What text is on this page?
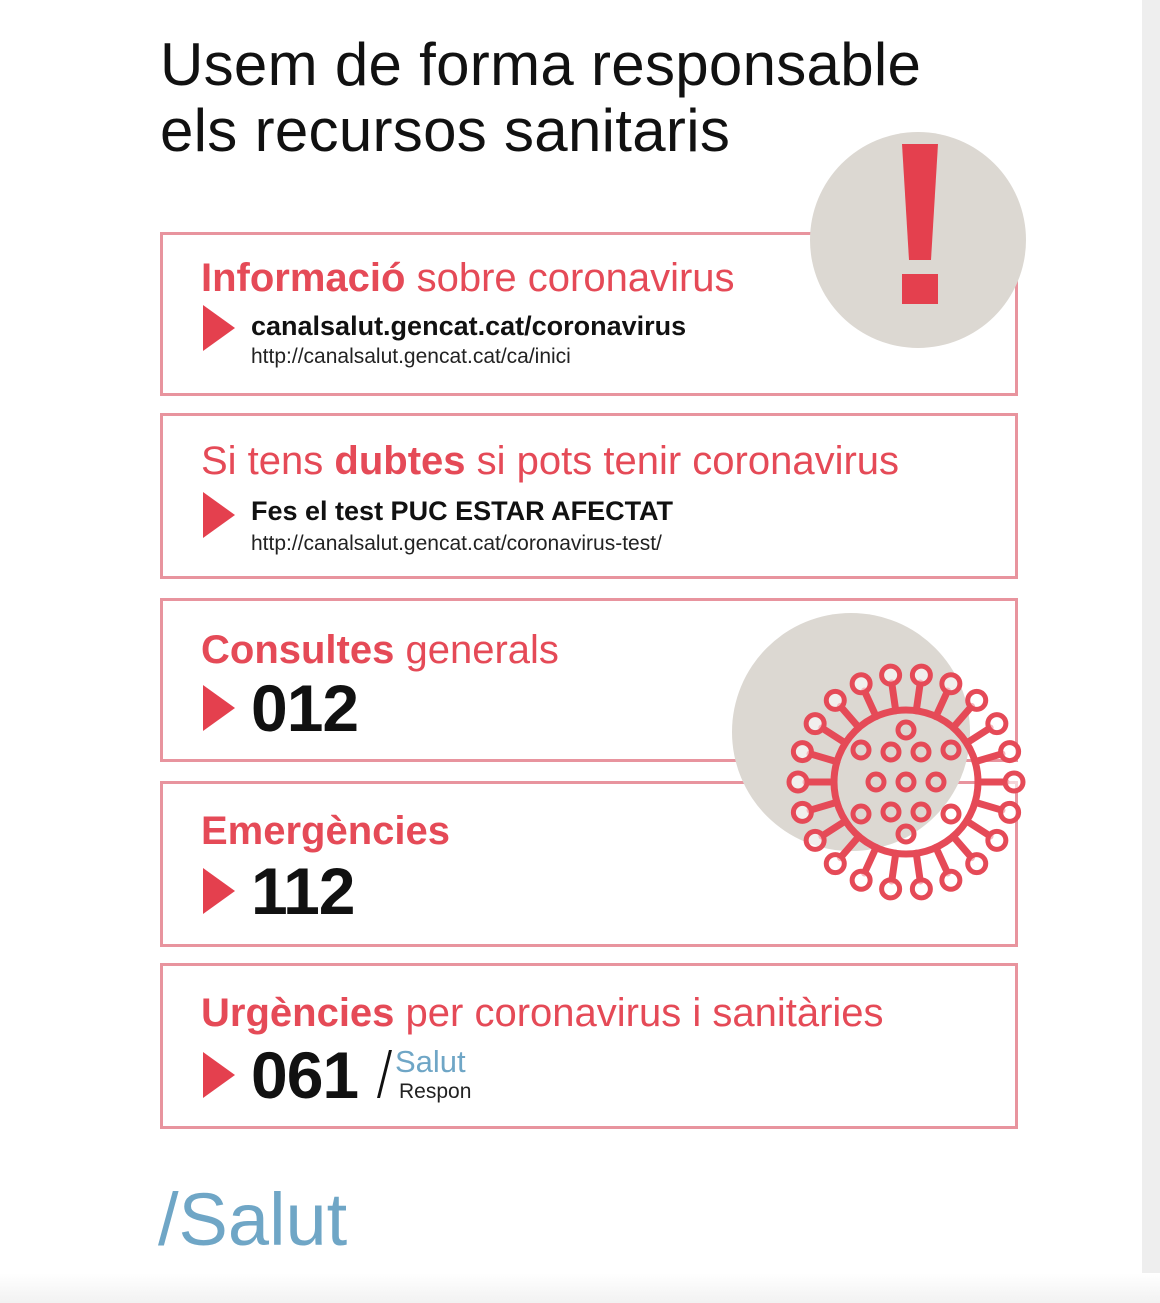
Usem de forma responsable
els recursos sanitaris
Informació sobre coronavirus
canalsalut.gencat.cat/coronavirus
http://canalsalut.gencat.cat/ca/inici
Si tens dubtes si pots tenir coronavirus
Fes el test PUC ESTAR AFECTAT
http://canalsalut.gencat.cat/coronavirus-test/
Consultes generals
012
Emergències
112
Urgències per coronavirus i sanitàries
061 Salut
Respon
/Salut
